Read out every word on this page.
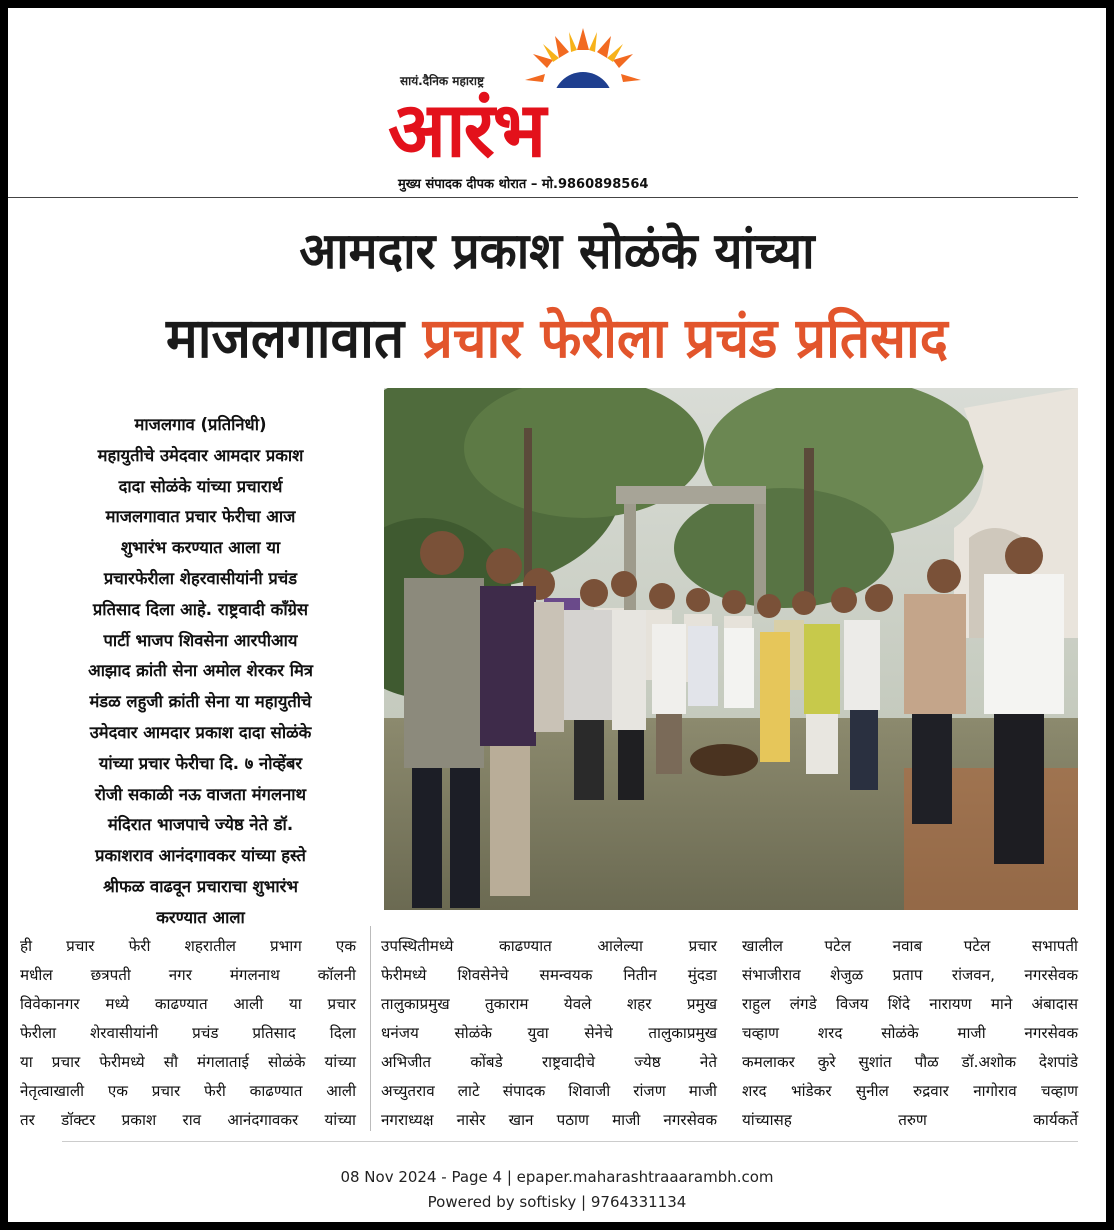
सायं.दैनिक महाराष्ट्र
आरंभ
मुख्य संपादक दीपक थोरात – मो.9860898564
आमदार प्रकाश सोळंके यांच्या
माजलगावात प्रचार फेरीला प्रचंड प्रतिसाद
माजलगाव (प्रतिनिधी)
महायुतीचे उमेदवार आमदार प्रकाश
दादा सोळंके यांच्या प्रचारार्थ
माजलगावात प्रचार फेरीचा आज
शुभारंभ करण्यात आला या
प्रचारफेरीला शेहरवासीयांनी प्रचंड
प्रतिसाद दिला आहे. राष्ट्रवादी कॉंग्रेस
पार्टी भाजप शिवसेना आरपीआय
आझाद क्रांती सेना अमोल शेरकर मित्र
मंडळ लहुजी क्रांती सेना या महायुतीचे
उमेदवार आमदार प्रकाश दादा सोळंके
यांच्या प्रचार फेरीचा दि. ७ नोव्हेंबर
रोजी सकाळी नऊ वाजता मंगलनाथ
मंदिरात भाजपाचे ज्येष्ठ नेते डॉ.
प्रकाशराव आनंदगावकर यांच्या हस्ते
श्रीफळ वाढवून प्रचाराचा शुभारंभ
करण्यात आला
ही प्रचार फेरी शहरातील प्रभाग एक
मधील छत्रपती नगर मंगलनाथ कॉलनी
विवेकानगर मध्ये काढण्यात आली या प्रचार
फेरीला शेरवासीयांनी प्रचंड प्रतिसाद दिला
या प्रचार फेरीमध्ये सौ मंगलाताई सोळंके यांच्या
नेतृत्वाखाली एक प्रचार फेरी काढण्यात आली
तर डॉक्टर प्रकाश राव आनंदगावकर यांच्या
उपस्थितीमध्ये काढण्यात आलेल्या प्रचार
फेरीमध्ये शिवसेनेचे समन्वयक नितीन मुंदडा
तालुकाप्रमुख तुकाराम येवले शहर प्रमुख
धनंजय सोळंके युवा सेनेचे तालुकाप्रमुख
अभिजीत कोंबडे राष्ट्रवादीचे ज्येष्ठ नेते
अच्युतराव लाटे संपादक शिवाजी रांजण माजी
नगराध्यक्ष नासेर खान पठाण माजी नगरसेवक
खालील पटेल नवाब पटेल सभापती
संभाजीराव शेजुळ प्रताप रांजवन, नगरसेवक
राहुल लंगडे विजय शिंदे नारायण माने अंबादास
चव्हाण शरद सोळंके माजी नगरसेवक
कमलाकर कुरे सुशांत पौळ डॉ.अशोक देशपांडे
शरद भांडेकर सुनील रुद्रवार नागोराव चव्हाण
यांच्यासह तरुण कार्यकर्ते
08 Nov 2024 - Page 4 | epaper.maharashtraaarambh.com
Powered by softisky | 9764331134
